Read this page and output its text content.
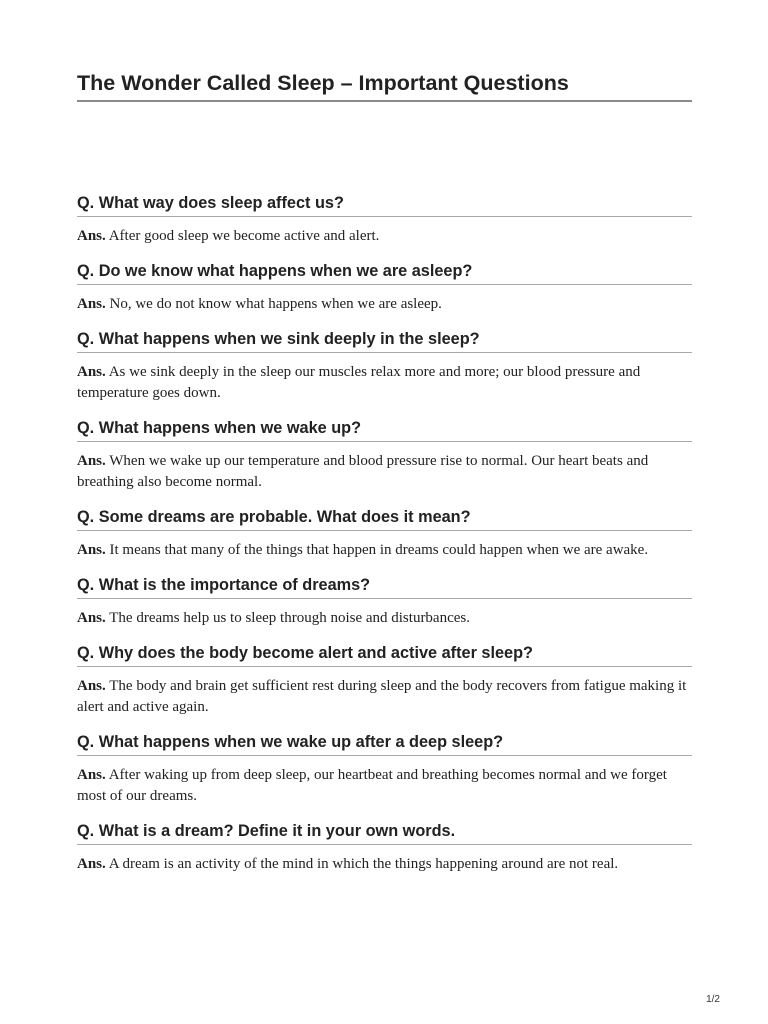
The Wonder Called Sleep – Important Questions
Q. What way does sleep affect us?

Ans. After good sleep we become active and alert.

Q. Do we know what happens when we are asleep?

Ans. No, we do not know what happens when we are asleep.

Q. What happens when we sink deeply in the sleep?

Ans. As we sink deeply in the sleep our muscles relax more and more; our blood pressure and temperature goes down.

Q. What happens when we wake up?

Ans. When we wake up our temperature and blood pressure rise to normal. Our heart beats and breathing also become normal.

Q. Some dreams are probable. What does it mean?

Ans. It means that many of the things that happen in dreams could happen when we are awake.

Q. What is the importance of dreams?

Ans. The dreams help us to sleep through noise and disturbances.

Q. Why does the body become alert and active after sleep?

Ans. The body and brain get sufficient rest during sleep and the body recovers from fatigue making it alert and active again.

Q. What happens when we wake up after a deep sleep?

Ans. After waking up from deep sleep, our heartbeat and breathing becomes normal and we forget most of our dreams.

Q. What is a dream? Define it in your own words.

Ans. A dream is an activity of the mind in which the things happening around are not real.

1/2
